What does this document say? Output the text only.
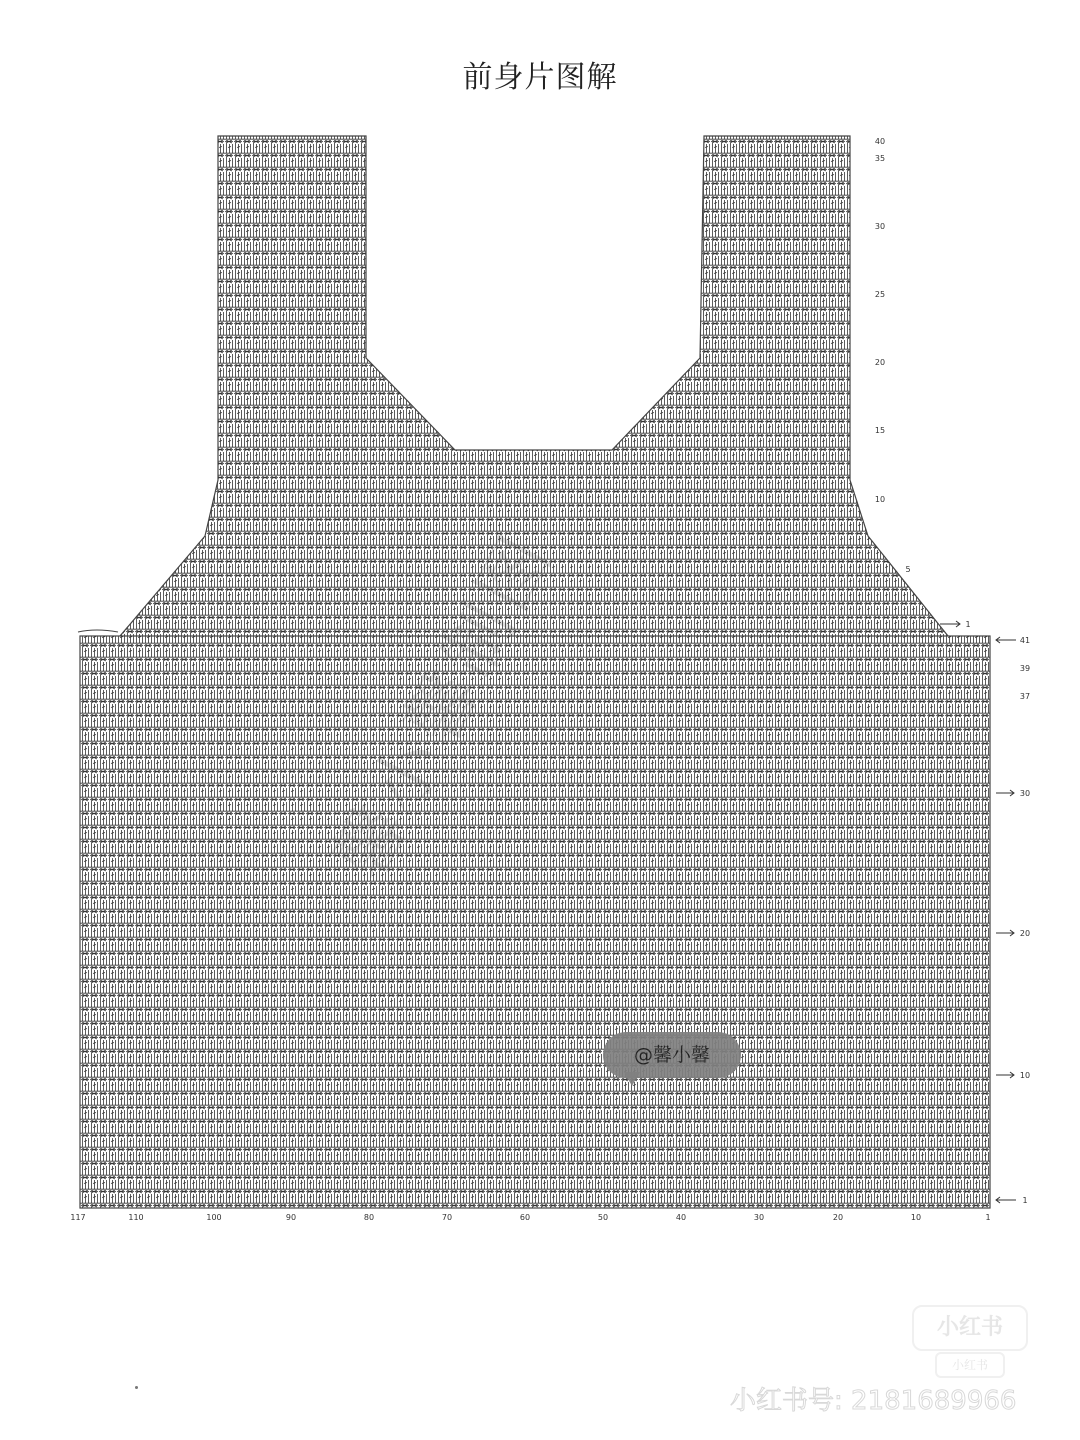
前身片图解
117	110	100	90	80	70	60	50	40	30	20	10	1
41
39
37
30
20
10
1
40
35
30
25
20
15
10
5
1
@馨小馨
小红书
小红书
小红书号: 2181689966
